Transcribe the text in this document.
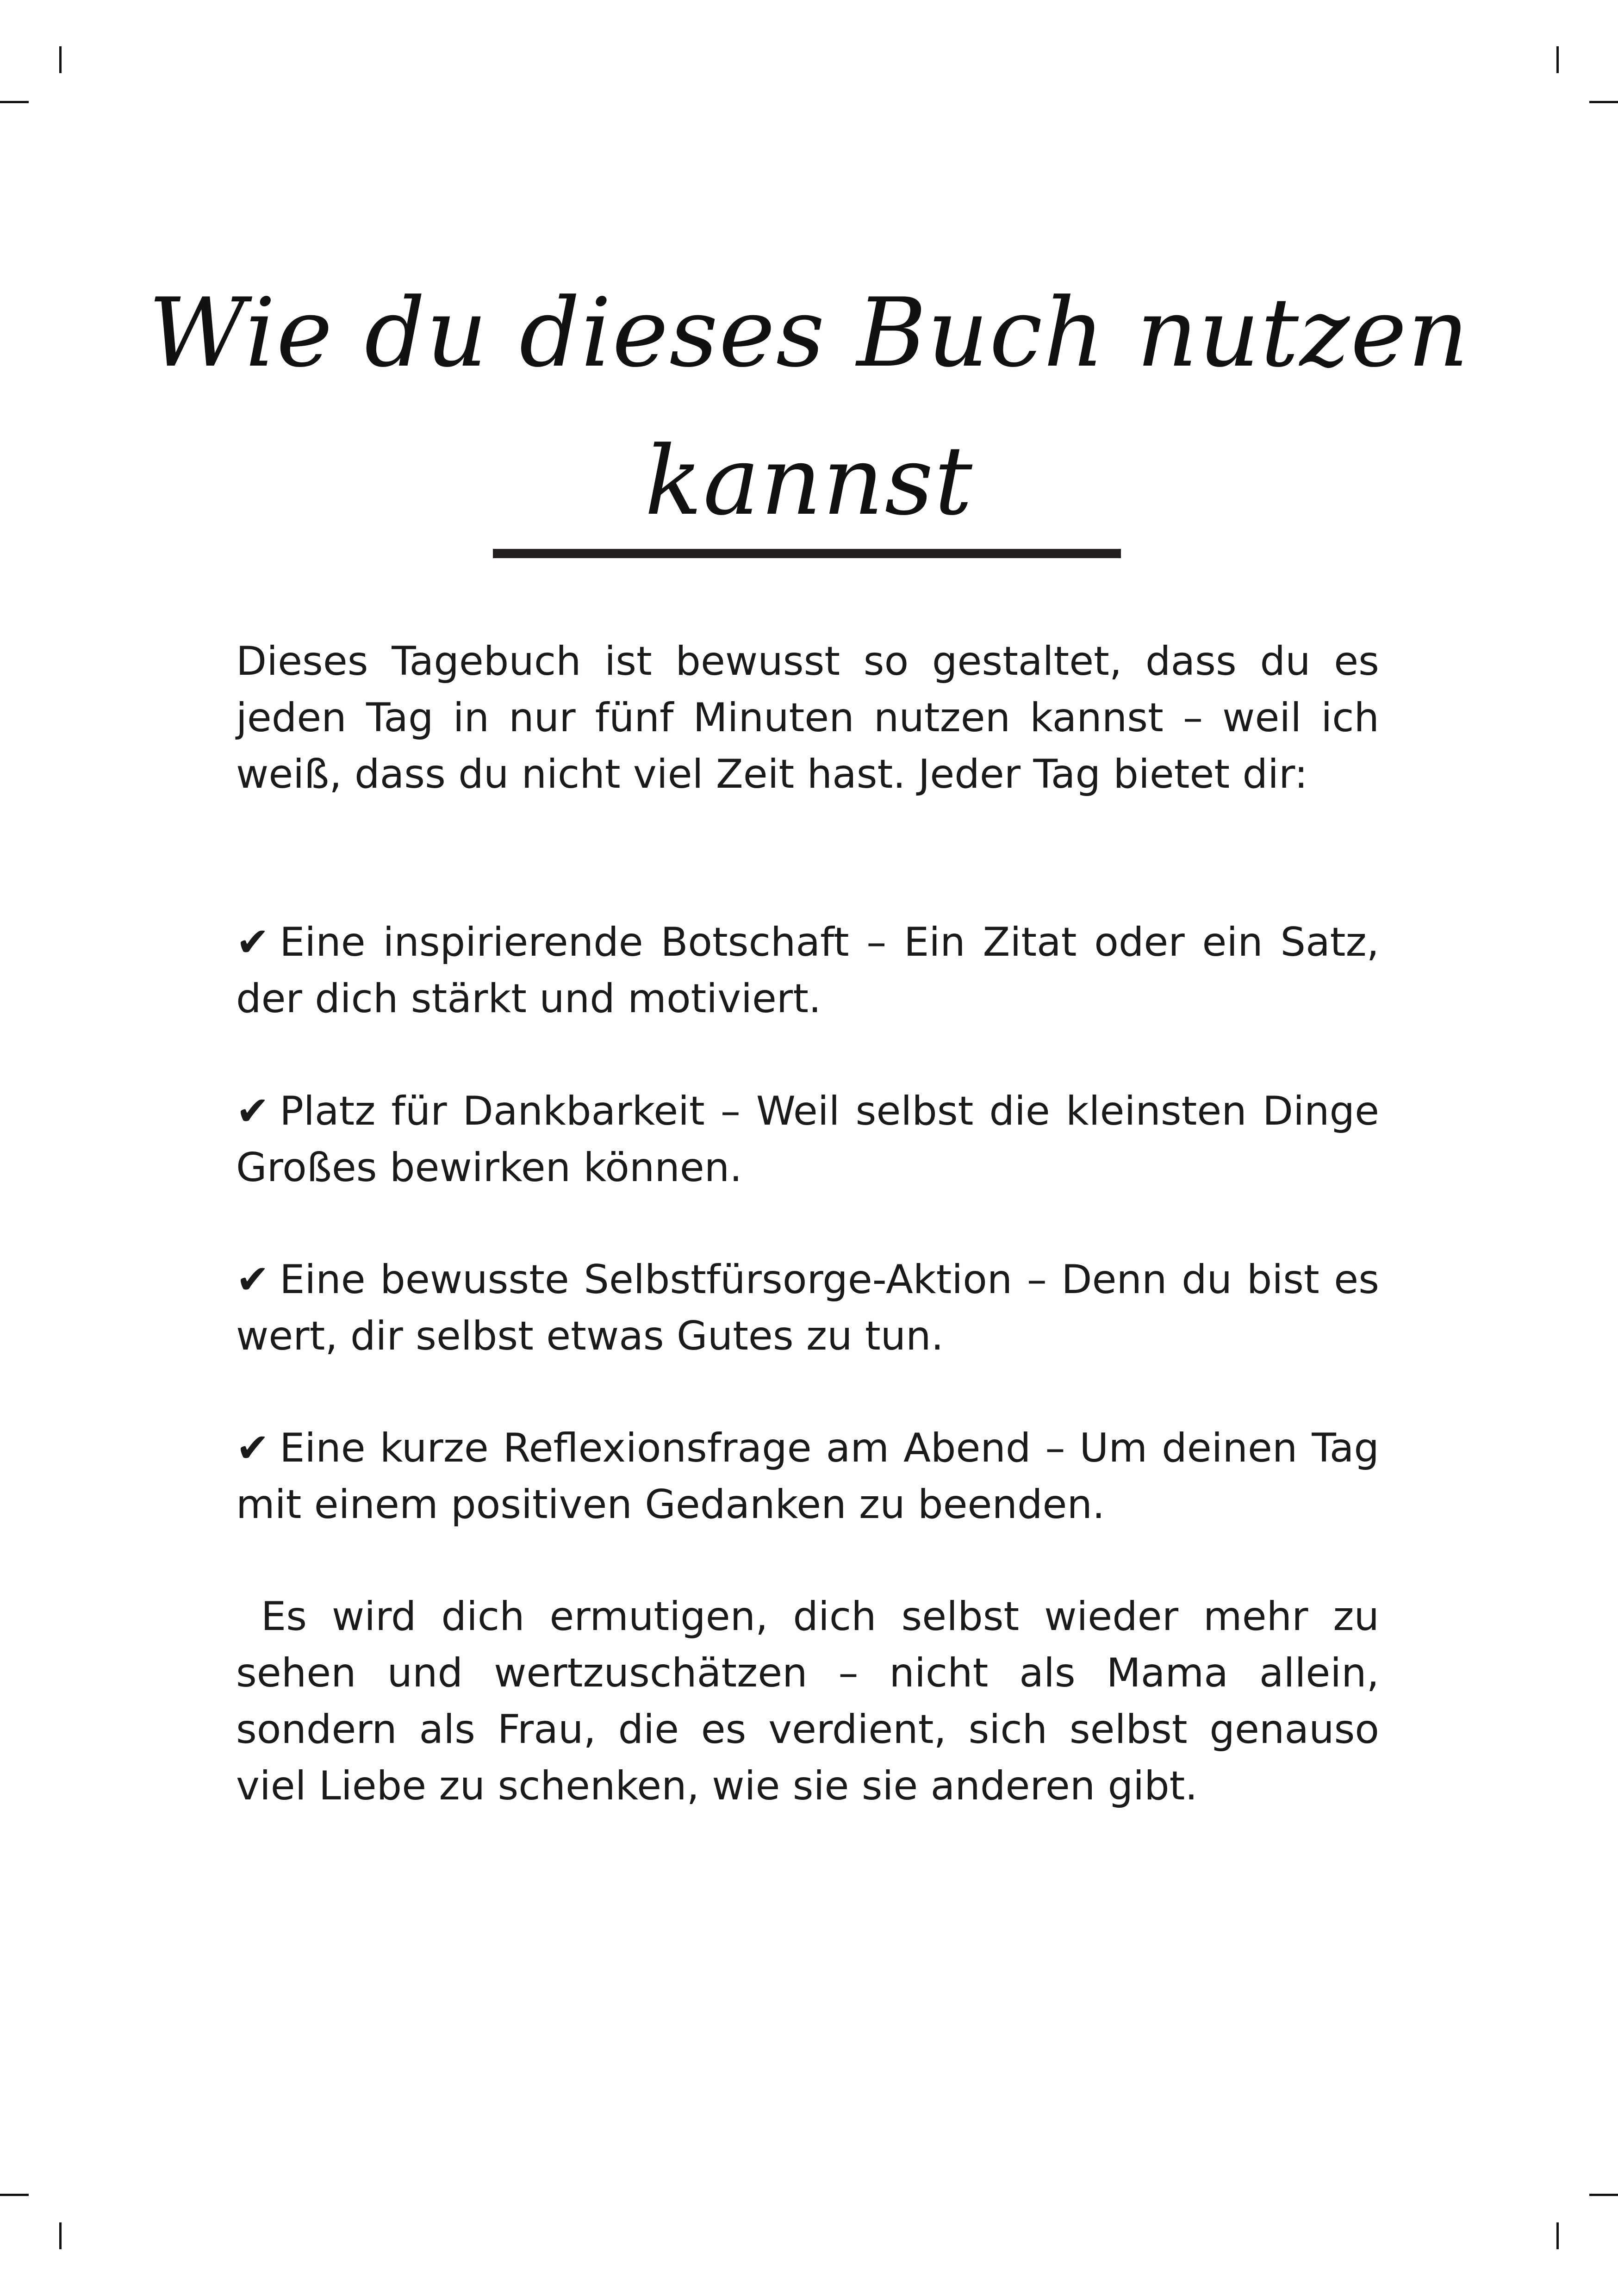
Wie du dieses Buch nutzen
kannst

Dieses Tagebuch ist bewusst so gestaltet, dass du es jeden Tag in nur fünf Minuten nutzen kannst – weil ich weiß, dass du nicht viel Zeit hast. Jeder Tag bietet dir:

✔ Eine inspirierende Botschaft – Ein Zitat oder ein Satz, der dich stärkt und motiviert.

✔ Platz für Dankbarkeit – Weil selbst die kleinsten Dinge Großes bewirken können.

✔ Eine bewusste Selbstfürsorge-Aktion – Denn du bist es wert, dir selbst etwas Gutes zu tun.

✔ Eine kurze Reflexionsfrage am Abend – Um deinen Tag mit einem positiven Gedanken zu beenden.

Es wird dich ermutigen, dich selbst wieder mehr zu sehen und wertzuschätzen – nicht als Mama allein, sondern als Frau, die es verdient, sich selbst genauso viel Liebe zu schenken, wie sie sie anderen gibt.
